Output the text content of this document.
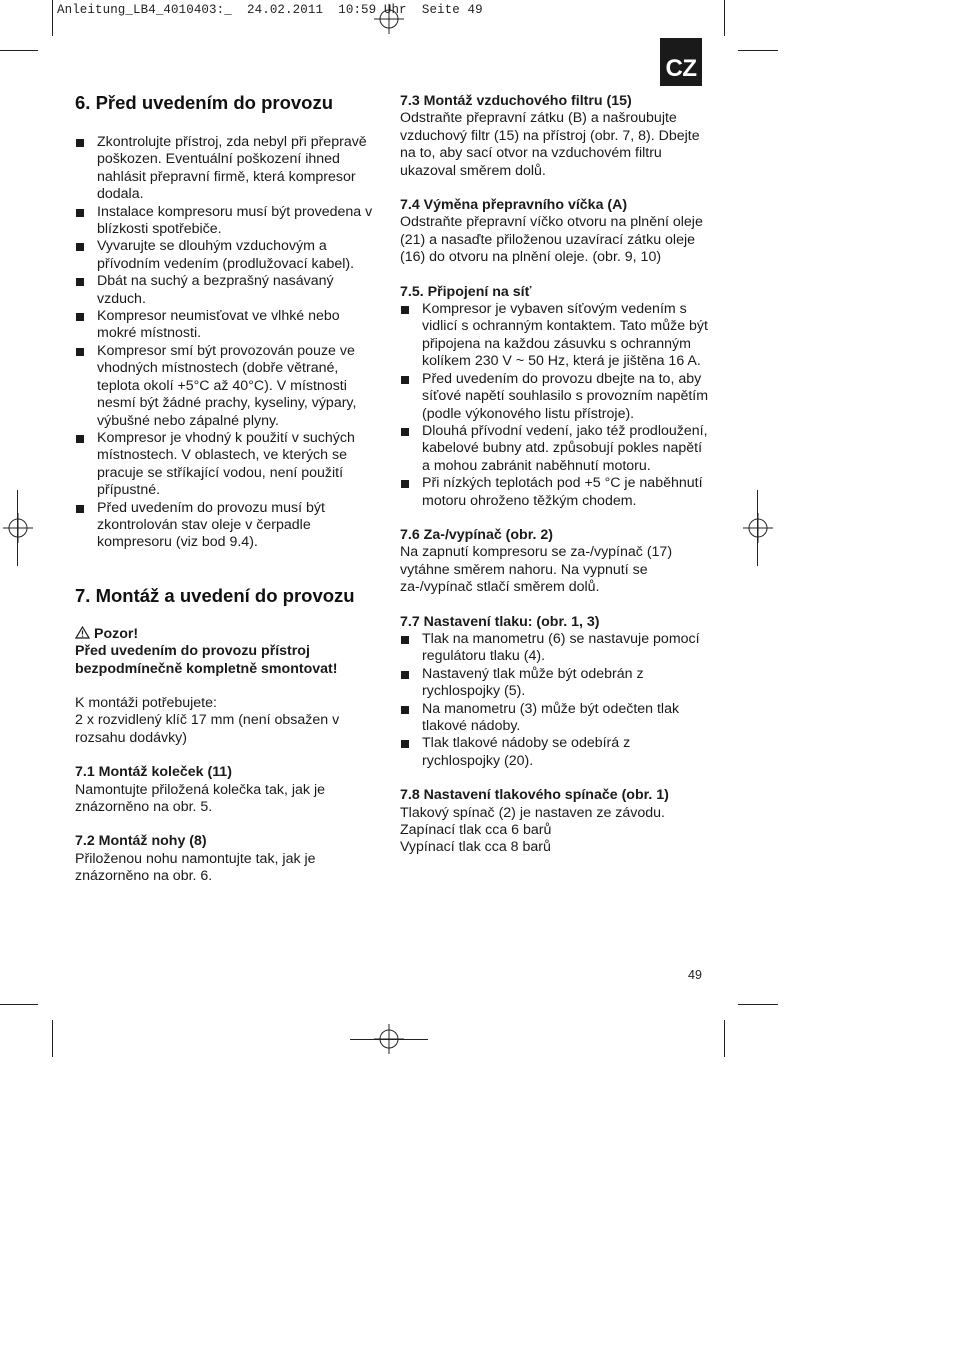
Anleitung_LB4_4010403:_  24.02.2011  10:59 Uhr  Seite 49
CZ
6. Před uvedením do provozu
Zkontrolujte přístroj, zda nebyl při přepravě poškozen. Eventuální poškození ihned nahlásit přepravní firmě, která kompresor dodala.
Instalace kompresoru musí být provedena v blízkosti spotřebiče.
Vyvarujte se dlouhým vzduchovým a přívodním vedením (prodlužovací kabel).
Dbát na suchý a bezprašný nasávaný vzduch.
Kompresor neumisťovat ve vlhké nebo mokré místnosti.
Kompresor smí být provozován pouze ve vhodných místnostech (dobře větrané, teplota okolí +5°C až 40°C). V místnosti nesmí být žádné prachy, kyseliny, výpary, výbušné nebo zápalné plyny.
Kompresor je vhodný k použití v suchých místnostech. V oblastech, ve kterých se pracuje se stříkající vodou, není použití přípustné.
Před uvedením do provozu musí být zkontrolován stav oleje v čerpadle kompresoru (viz bod 9.4).
7. Montáž a uvedení do provozu

Pozor!

Před uvedením do provozu přístroj bezpodmínečně kompletně smontovat!

K montáži potřebujete:

2 x rozvidlený klíč 17 mm (není obsažen v rozsahu dodávky)

7.1 Montáž koleček (11)

Namontujte přiložená kolečka tak, jak je znázorněno na obr. 5.

7.2 Montáž nohy (8)

Přiloženou nohu namontujte tak, jak je znázorněno na obr. 6.

7.3 Montáž vzduchového filtru (15)

Odstraňte přepravní zátku (B) a našroubujte vzduchový filtr (15) na přístroj (obr. 7, 8). Dbejte na to, aby sací otvor na vzduchovém filtru ukazoval směrem dolů.

7.4 Výměna přepravního víčka (A)

Odstraňte přepravní víčko otvoru na plnění oleje (21) a nasaďte přiloženou uzavírací zátku oleje (16) do otvoru na plnění oleje. (obr. 9, 10)

7.5. Připojení na síť

Kompresor je vybaven síťovým vedením s vidlicí s ochranným kontaktem. Tato může být připojena na každou zásuvku s ochranným kolíkem 230 V ~ 50 Hz, která je jištěna 16 A.
Před uvedením do provozu dbejte na to, aby síťové napětí souhlasilo s provozním napětím (podle výkonového listu přístroje).
Dlouhá přívodní vedení, jako též prodloužení, kabelové bubny atd. způsobují pokles napětí a mohou zabránit naběhnutí motoru.
Při nízkých teplotách pod +5 °C je naběhnutí motoru ohroženo těžkým chodem.

7.6 Za-/vypínač (obr. 2)

Na zapnutí kompresoru se za-/vypínač (17) vytáhne směrem nahoru. Na vypnutí se za-/vypínač stlačí směrem dolů.

7.7 Nastavení tlaku: (obr. 1, 3)

Tlak na manometru (6) se nastavuje pomocí regulátoru tlaku (4).
Nastavený tlak může být odebrán z rychlospojky (5).
Na manometru (3) může být odečten tlak tlakové nádoby.
Tlak tlakové nádoby se odebírá z rychlospojky (20).

7.8 Nastavení tlakového spínače (obr. 1)

Tlakový spínač (2) je nastaven ze závodu.

Zapínací tlak cca 6 barů

Vypínací tlak cca 8 barů

49
